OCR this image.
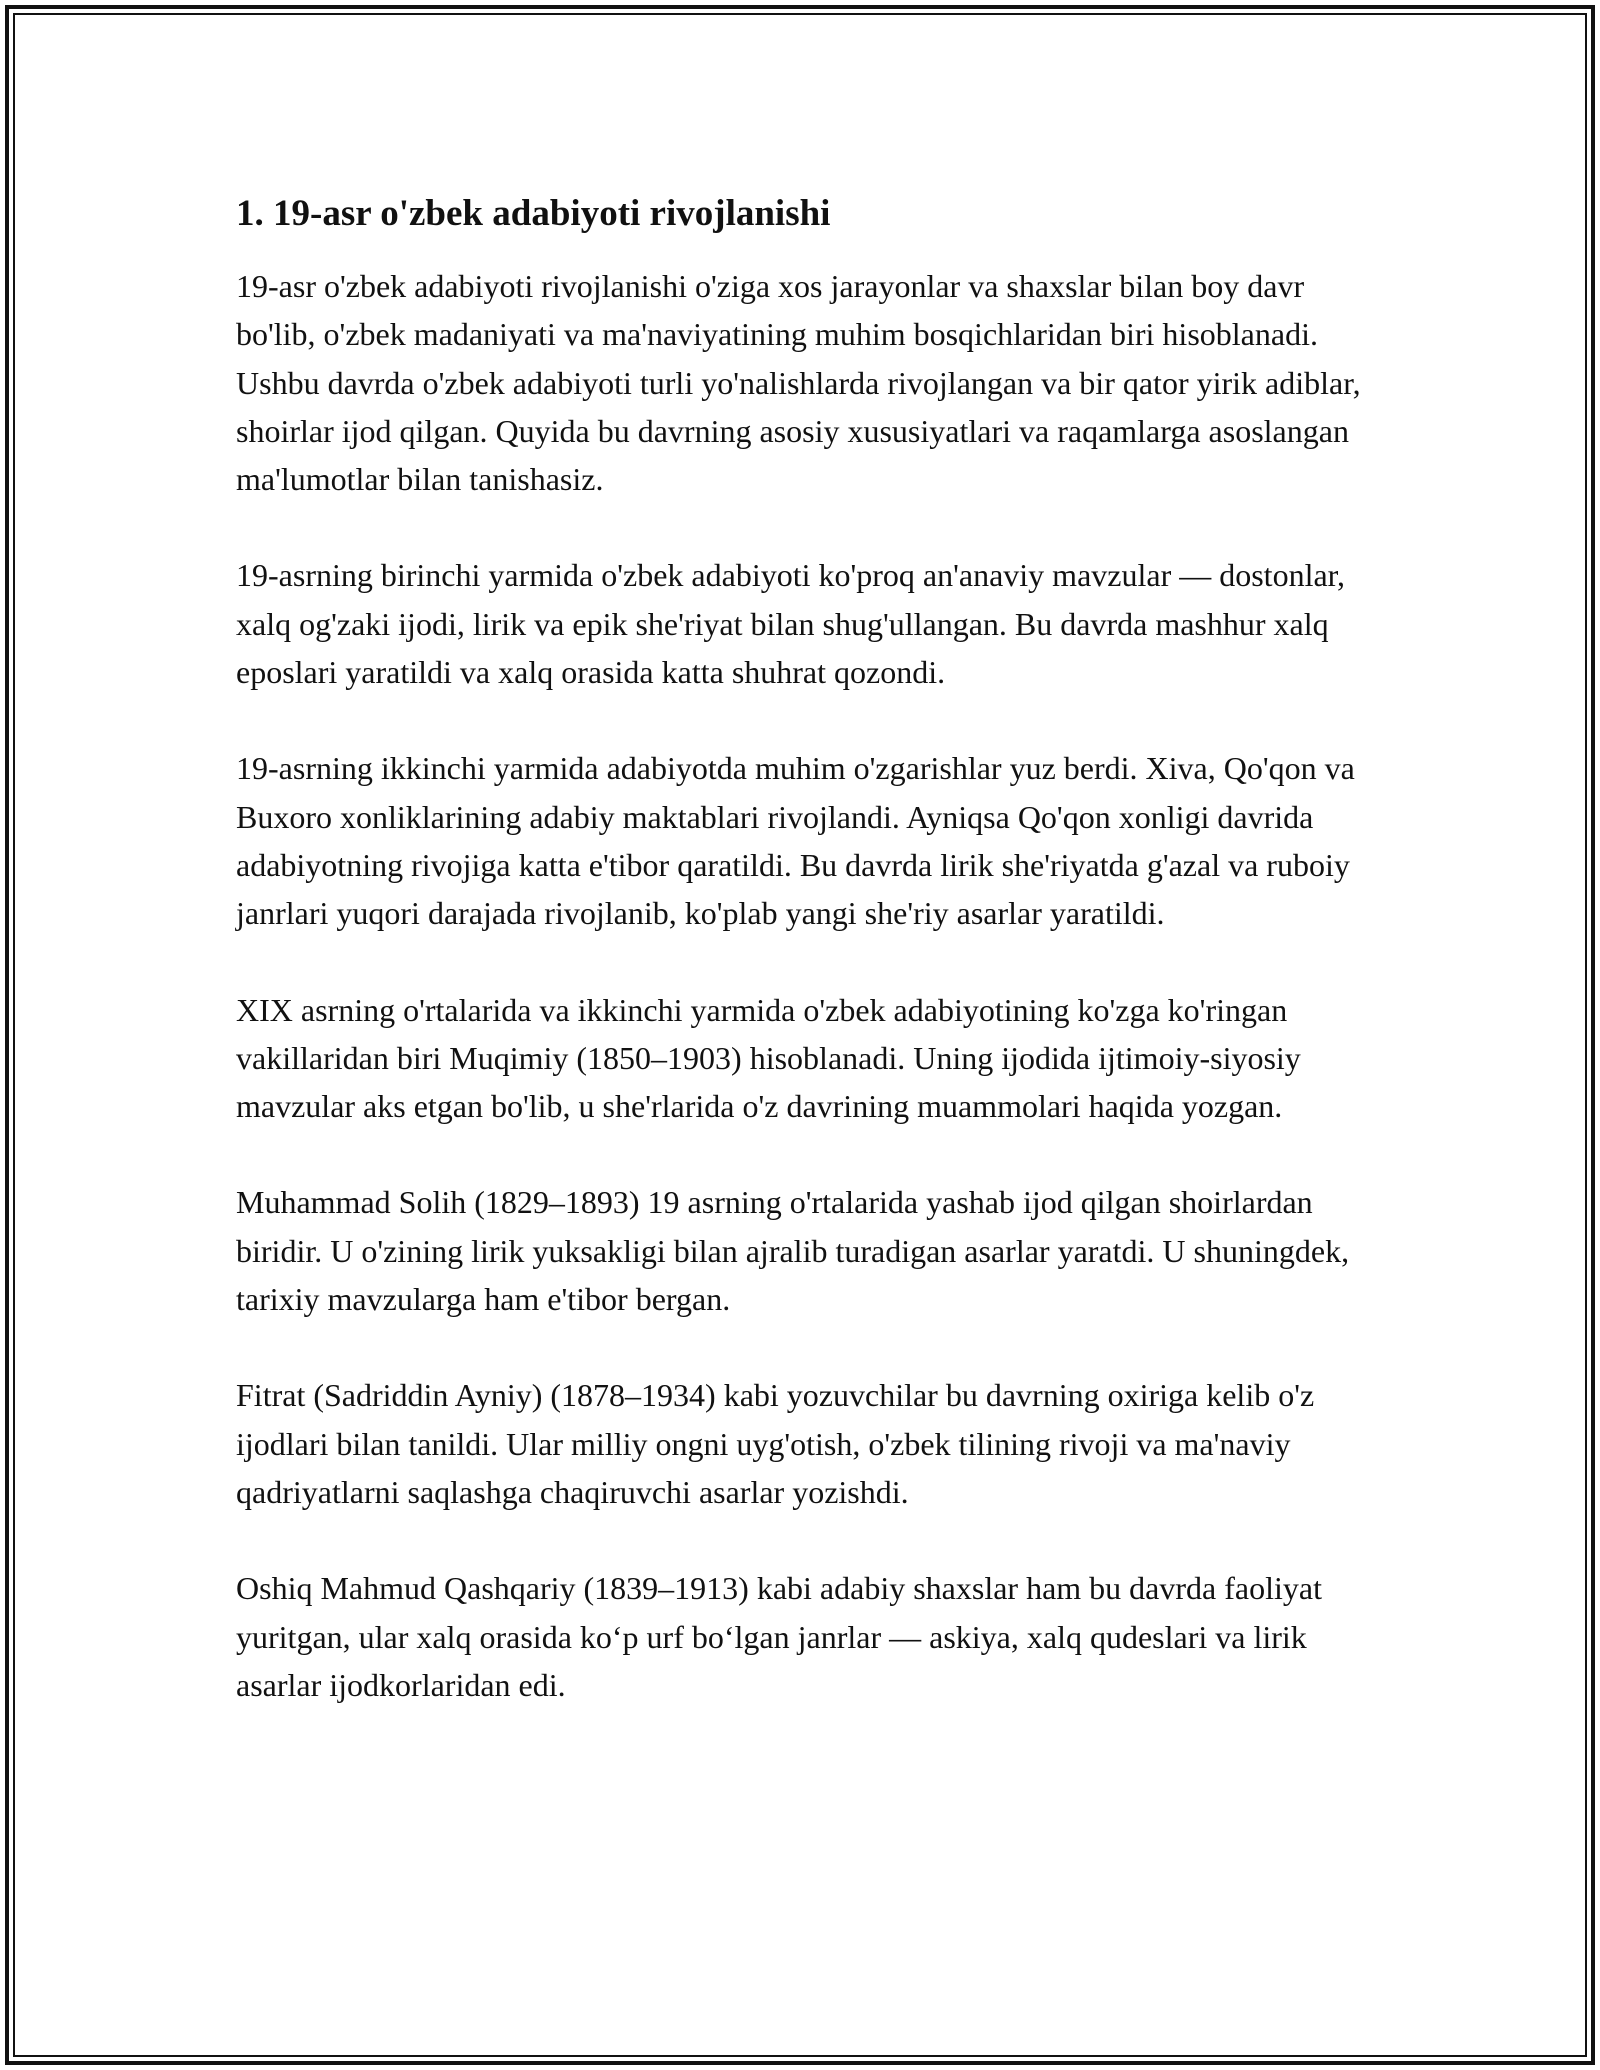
1. 19-asr o'zbek adabiyoti rivojlanishi

19-asr o'zbek adabiyoti rivojlanishi o'ziga xos jarayonlar va shaxslar bilan boy davr bo'lib, o'zbek madaniyati va ma'naviyatining muhim bosqichlaridan biri hisoblanadi. Ushbu davrda o'zbek adabiyoti turli yo'nalishlarda rivojlangan va bir qator yirik adiblar, shoirlar ijod qilgan. Quyida bu davrning asosiy xususiyatlari va raqamlarga asoslangan ma'lumotlar bilan tanishasiz.

19-asrning birinchi yarmida o'zbek adabiyoti ko'proq an'anaviy mavzular — dostonlar, xalq og'zaki ijodi, lirik va epik she'riyat bilan shug'ullangan. Bu davrda mashhur xalq eposlari yaratildi va xalq orasida katta shuhrat qozondi.

19-asrning ikkinchi yarmida adabiyotda muhim o'zgarishlar yuz berdi. Xiva, Qo'qon va Buxoro xonliklarining adabiy maktablari rivojlandi. Ayniqsa Qo'qon xonligi davrida adabiyotning rivojiga katta e'tibor qaratildi. Bu davrda lirik she'riyatda g'azal va ruboiy janrlari yuqori darajada rivojlanib, ko'plab yangi she'riy asarlar yaratildi.

XIX asrning o'rtalarida va ikkinchi yarmida o'zbek adabiyotining ko'zga ko'ringan vakillaridan biri Muqimiy (1850–1903) hisoblanadi. Uning ijodida ijtimoiy-siyosiy mavzular aks etgan bo'lib, u she'rlarida o'z davrining muammolari haqida yozgan.

Muhammad Solih (1829–1893) 19 asrning o'rtalarida yashab ijod qilgan shoirlardan biridir. U o'zining lirik yuksakligi bilan ajralib turadigan asarlar yaratdi. U shuningdek, tarixiy mavzularga ham e'tibor bergan.

Fitrat (Sadriddin Ayniy) (1878–1934) kabi yozuvchilar bu davrning oxiriga kelib o'z ijodlari bilan tanildi. Ular milliy ongni uyg'otish, o'zbek tilining rivoji va ma'naviy qadriyatlarni saqlashga chaqiruvchi asarlar yozishdi.

Oshiq Mahmud Qashqariy (1839–1913) kabi adabiy shaxslar ham bu davrda faoliyat yuritgan, ular xalq orasida ko‘p urf bo‘lgan janrlar — askiya, xalq qudeslari va lirik asarlar ijodkorlaridan edi.
